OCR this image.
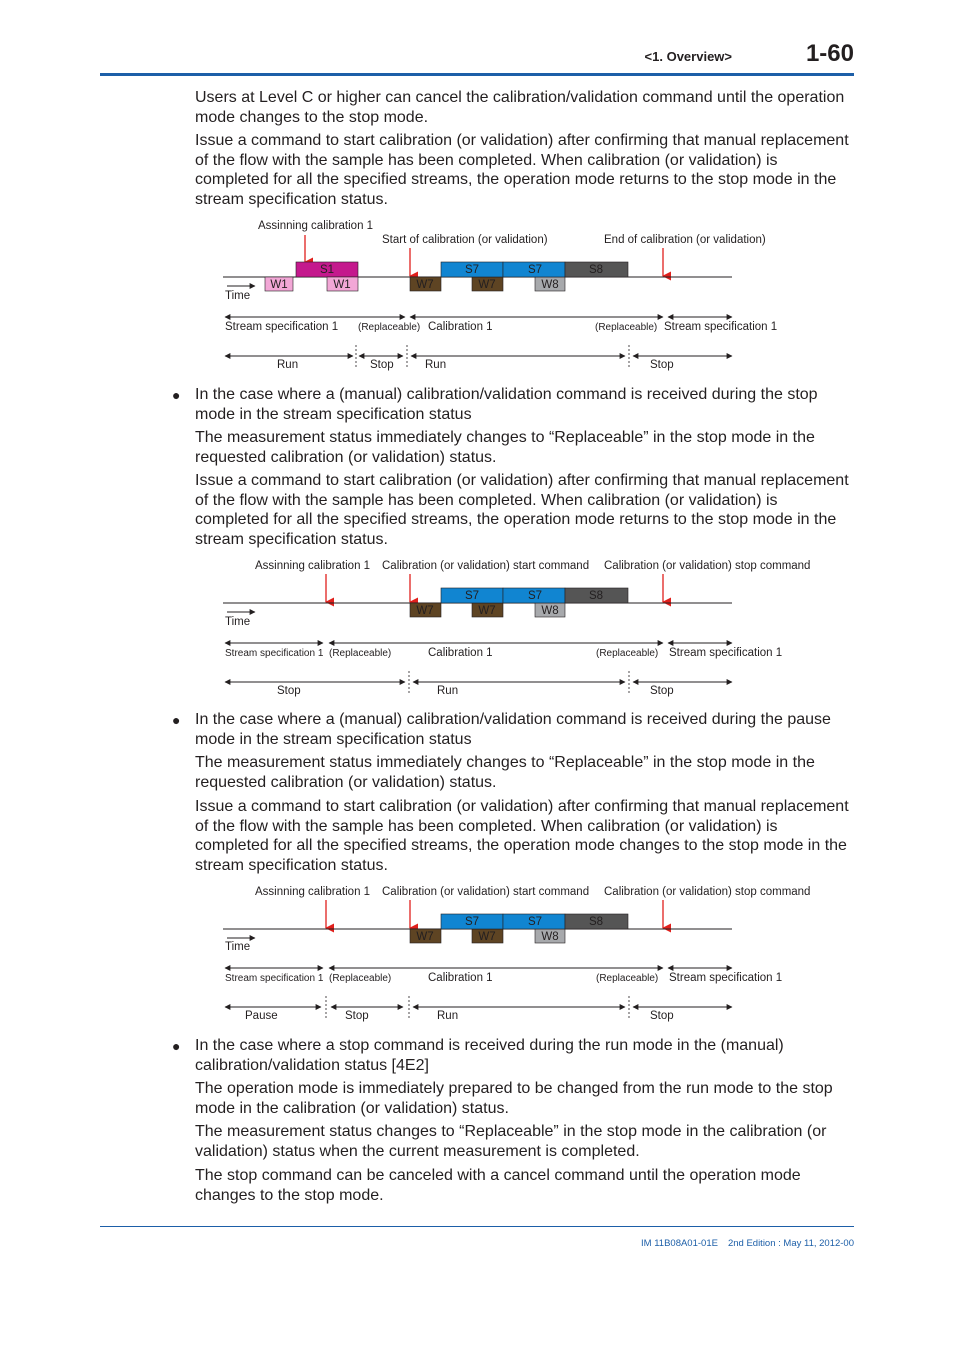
<1. Overview>	1-60

Users at Level C or higher can cancel the calibration/validation command until the operation mode changes to the stop mode.

Issue a command to start calibration (or validation) after confirming that manual replacement of the flow with the sample has been completed. When calibration (or validation) is completed for all the specified streams, the operation mode returns to the stop mode in the stream specification status.

Assinning calibration 1
Start of calibration (or validation)	End of calibration (or validation)
Time
S1
W1	W1	W7	W7	W8
S7	S7	S8
Stream specification 1 (Replaceable) Calibration 1	(Replaceable) Stream specification 1
Run	Stop	Run	Stop
● In the case where a (manual) calibration/validation command is received during the stop mode in the stream specification status

The measurement status immediately changes to “Replaceable” in the stop mode in the requested calibration (or validation) status.

Issue a command to start calibration (or validation) after confirming that manual replacement of the flow with the sample has been completed. When calibration (or validation) is completed for all the specified streams, the operation mode returns to the stop mode in the stream specification status.

Assinning calibration 1 Calibration (or validation) start command Calibration (or validation) stop command
Time
W7	W7	W8
S7	S7	S8
Stream specification 1 (Replaceable)	Calibration 1	(Replaceable) Stream specification 1
Stop	Run	Stop
● In the case where a (manual) calibration/validation command is received during the pause mode in the stream specification status

The measurement status immediately changes to “Replaceable” in the stop mode in the requested calibration (or validation) status.

Issue a command to start calibration (or validation) after confirming that manual replacement of the flow with the sample has been completed. When calibration (or validation) is completed for all the specified streams, the operation mode changes to the stop mode in the stream specification status.

Assinning calibration 1 Calibration (or validation) start command Calibration (or validation) stop command
Time
W7	W7	W8
S7	S7	S8
Stream specification 1 (Replaceable)	Calibration 1	(Replaceable) Stream specification 1
Pause	Stop	Run	Stop
● In the case where a stop command is received during the run mode in the (manual) calibration/validation status [4E2]

The operation mode is immediately prepared to be changed from the run mode to the stop mode in the calibration (or validation) status.

The measurement status changes to “Replaceable” in the stop mode in the calibration (or validation) status when the current measurement is completed.

The stop command can be canceled with a cancel command until the operation mode changes to the stop mode.

IM 11B08A01-01E 2nd Edition : May 11, 2012-00
